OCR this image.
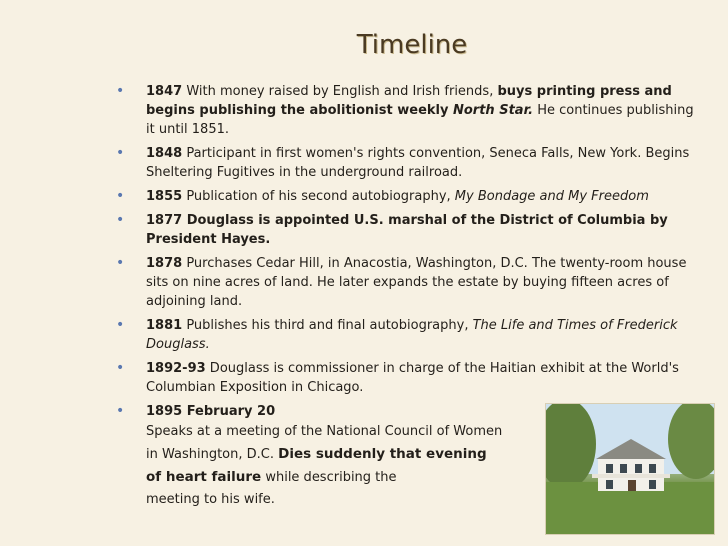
Timeline
• 1847 With money raised by English and Irish friends, buys printing press and begins publishing the abolitionist weekly North Star. He continues publishing it until 1851.
• 1848 Participant in first women's rights convention, Seneca Falls, New York. Begins Sheltering Fugitives in the underground railroad.
• 1855 Publication of his second autobiography, My Bondage and My Freedom
• 1877 Douglass is appointed U.S. marshal of the District of Columbia by President Hayes.
• 1878 Purchases Cedar Hill, in Anacostia, Washington, D.C. The twenty-room house sits on nine acres of land. He later expands the estate by buying fifteen acres of adjoining land.
• 1881 Publishes his third and final autobiography, The Life and Times of Frederick Douglass.
• 1892-93 Douglass is commissioner in charge of the Haitian exhibit at the World's Columbian Exposition in Chicago.
• 1895 February 20

Speaks at a meeting of the National Council of Women
in Washington, D.C. Dies suddenly that evening
of heart failure while describing the
meeting to his wife.
